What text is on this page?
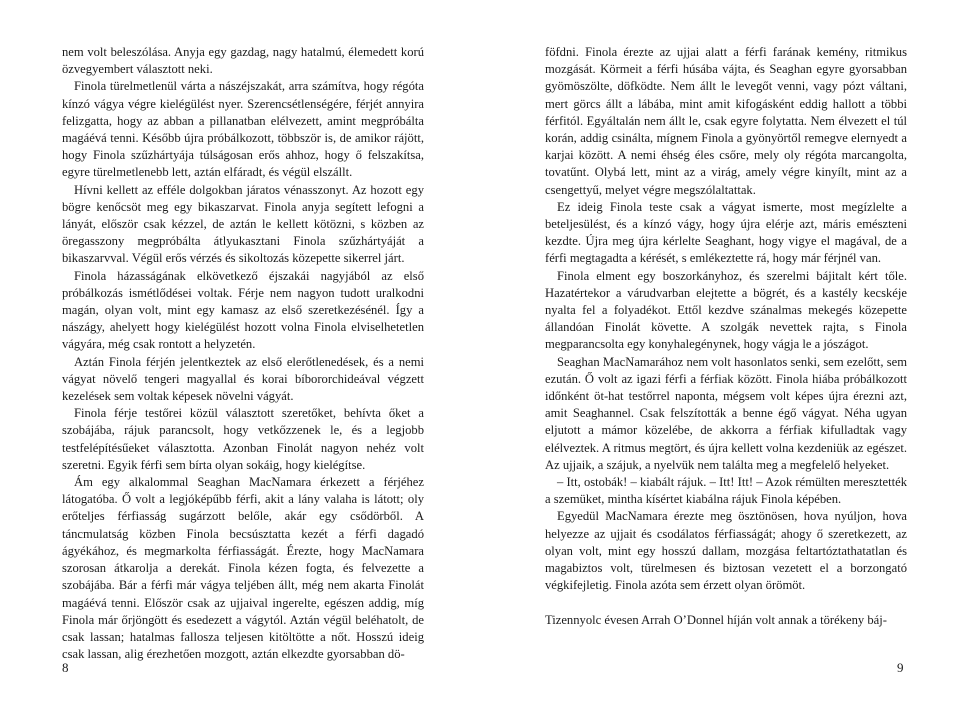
nem volt beleszólása. Anyja egy gazdag, nagy hatalmú, élemedett korú özvegyembert választott neki.

Finola türelmetlenül várta a nászéjszakát, arra számítva, hogy régóta kínzó vágya végre kielégülést nyer. Szerencsétlenségére, férjét annyira felizgatta, hogy az abban a pillanatban elélvezett, amint megpróbálta magáévá tenni. Később újra próbálkozott, többször is, de amikor rájött, hogy Finola szűzhártyája túlságosan erős ahhoz, hogy ő felszakítsa, egyre türelmetlenebb lett, aztán elfáradt, és végül elszállt.

Hívni kellett az efféle dolgokban járatos vénasszonyt. Az hozott egy bögre kenőcsöt meg egy bikaszarvat. Finola anyja segített lefogni a lányát, először csak kézzel, de aztán le kellett kötözni, s közben az öregasszony megpróbálta átlyukasztani Finola szűzhártyáját a bikaszarvval. Végül erős vérzés és sikoltozás közepette sikerrel járt.

Finola házasságának elkövetkező éjszakái nagyjából az első próbálkozás ismétlődései voltak. Férje nem nagyon tudott uralkodni magán, olyan volt, mint egy kamasz az első szeretkezésénél. Így a nászágy, ahelyett hogy kielégülést hozott volna Finola elviselhetetlen vágyára, még csak rontott a helyzetén.

Aztán Finola férjén jelentkeztek az első elerőtlenedések, és a nemi vágyat növelő tengeri magyallal és korai bíbororchideával végzett kezelések sem voltak képesek növelni vágyát.

Finola férje testőrei közül választott szeretőket, behívta őket a szobájába, rájuk parancsolt, hogy vetkőzzenek le, és a legjobb testfelépítésűeket választotta. Azonban Finolát nagyon nehéz volt szeretni. Egyik férfi sem bírta olyan sokáig, hogy kielégítse.

Ám egy alkalommal Seaghan MacNamara érkezett a férjéhez látogatóba. Ő volt a legjóképűbb férfi, akit a lány valaha is látott; oly erőteljes férfiasság sugárzott belőle, akár egy csődörből. A táncmulatság közben Finola becsúsztatta kezét a férfi dagadó ágyékához, és megmarkolta férfiasságát. Érezte, hogy MacNamara szorosan átkarolja a derekát. Finola kézen fogta, és felvezette a szobájába. Bár a férfi már vágya teljében állt, még nem akarta Finolát magáévá tenni. Először csak az ujjaival ingerelte, egészen addig, míg Finola már őrjöngött és esedezett a vágytól. Aztán végül beléhatolt, de csak lassan; hatalmas fallosza teljesen kitöltötte a nőt. Hosszú ideig csak lassan, alig érezhetően mozgott, aztán elkezdte gyorsabban dö-

8

föfdni. Finola érezte az ujjai alatt a férfi farának kemény, ritmikus mozgását. Körmeit a férfi húsába vájta, és Seaghan egyre gyorsabban gyömöszölte, döfködte. Nem állt le levegőt venni, vagy pózt váltani, mert görcs állt a lábába, mint amit kifogásként eddig hallott a többi férfitól. Egyáltalán nem állt le, csak egyre folytatta. Nem élvezett el túl korán, addig csinálta, mígnem Finola a gyönyörtől remegve elernyedt a karjai között. A nemi éhség éles csőre, mely oly régóta marcangolta, tovatűnt. Olybá lett, mint az a virág, amely végre kinyílt, mint az a csengettyű, melyet végre megszólaltattak.

Ez ideig Finola teste csak a vágyat ismerte, most megízlelte a beteljesülést, és a kínzó vágy, hogy újra elérje azt, máris emészteni kezdte. Újra meg újra kérlelte Seaghant, hogy vigye el magával, de a férfi megtagadta a kérését, s emlékeztette rá, hogy már férjnél van.

Finola elment egy boszorkányhoz, és szerelmi bájitalt kért tőle. Hazatértekor a várudvarban elejtette a bögrét, és a kastély kecskéje nyalta fel a folyadékot. Ettől kezdve szánalmas mekegés közepette állandóan Finolát követte. A szolgák nevettek rajta, s Finola megparancsolta egy konyhalegénynek, hogy vágja le a jószágot.

Seaghan MacNamarához nem volt hasonlatos senki, sem ezelőtt, sem ezután. Ő volt az igazi férfi a férfiak között. Finola hiába próbálkozott időnként öt-hat testőrrel naponta, mégsem volt képes újra érezni azt, amit Seaghannel. Csak felszították a benne égő vágyat. Néha ugyan eljutott a mámor közelébe, de akkorra a férfiak kifulladtak vagy elélveztek. A ritmus megtört, és újra kellett volna kezdeniük az egészet. Az ujjaik, a szájuk, a nyelvük nem találta meg a megfelelő helyeket.

– Itt, ostobák! – kiabált rájuk. – Itt! Itt! – Azok rémülten meresztették a szemüket, mintha kísértet kiabálna rájuk Finola képében.

Egyedül MacNamara érezte meg ösztönösen, hova nyúljon, hova helyezze az ujjait és csodálatos férfiasságát; ahogy ő szeretkezett, az olyan volt, mint egy hosszú dallam, mozgása feltartóztathatatlan és magabiztos volt, türelmesen és biztosan vezetett el a borzongató végkifejletig. Finola azóta sem érzett olyan örömöt.

Tizennyolc évesen Arrah O’Donnel híján volt annak a törékeny báj-

9
